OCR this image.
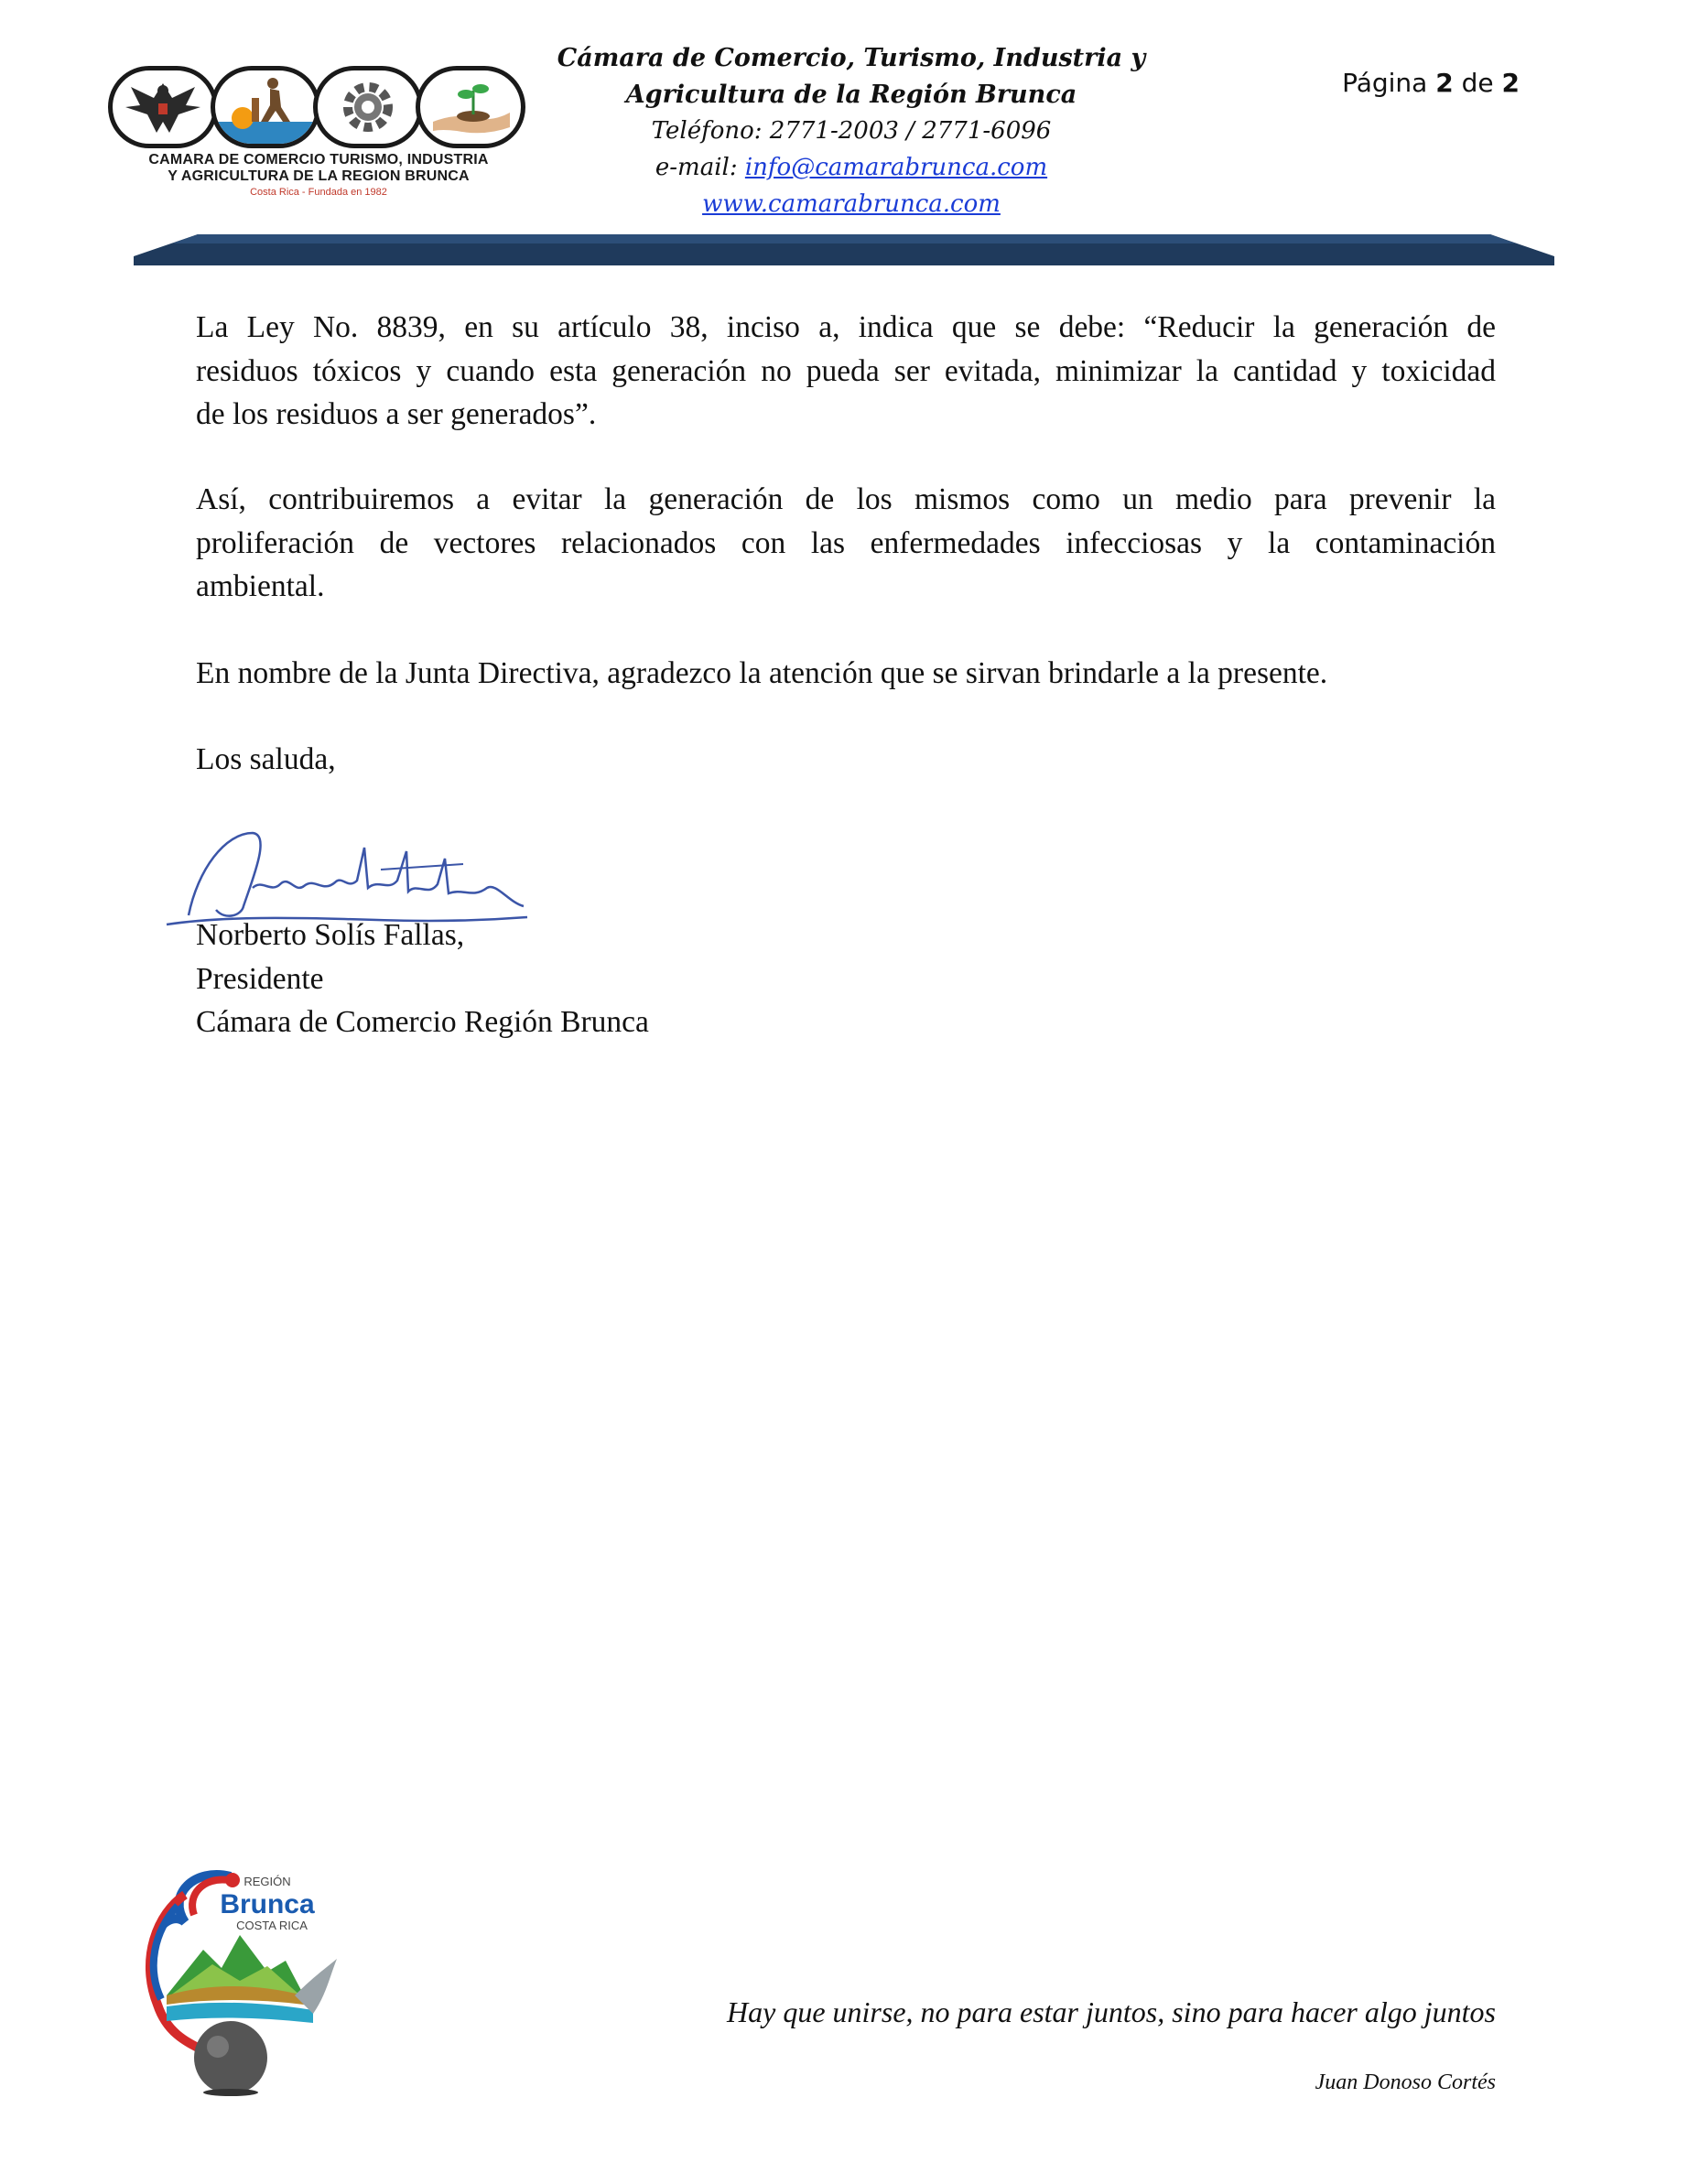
CAMARA DE COMERCIO TURISMO, INDUSTRIA
Y AGRICULTURA DE LA REGION BRUNCA
Costa Rica - Fundada en 1982
Cámara de Comercio, Turismo, Industria y
Agricultura de la Región Brunca
Teléfono: 2771-2003 / 2771-6096
e-mail: info@camarabrunca.com
www.camarabrunca.com
Página 2 de 2
La Ley No. 8839, en su artículo 38, inciso a, indica que se debe: “Reducir la generación de
residuos tóxicos y cuando esta generación no pueda ser evitada, minimizar la cantidad y toxicidad
de los residuos a ser generados”.
Así, contribuiremos a evitar la generación de los mismos como un medio para prevenir la
proliferación de vectores relacionados con las enfermedades infecciosas y la contaminación
ambiental.
En nombre de la Junta Directiva, agradezco la atención que se sirvan brindarle a la presente.
Los saluda,
Norberto Solís Fallas,
Presidente
Cámara de Comercio Región Brunca
REGIÓN
Brunca
COSTA RICA
Hay que unirse, no para estar juntos, sino para hacer algo juntos
Juan Donoso Cortés
